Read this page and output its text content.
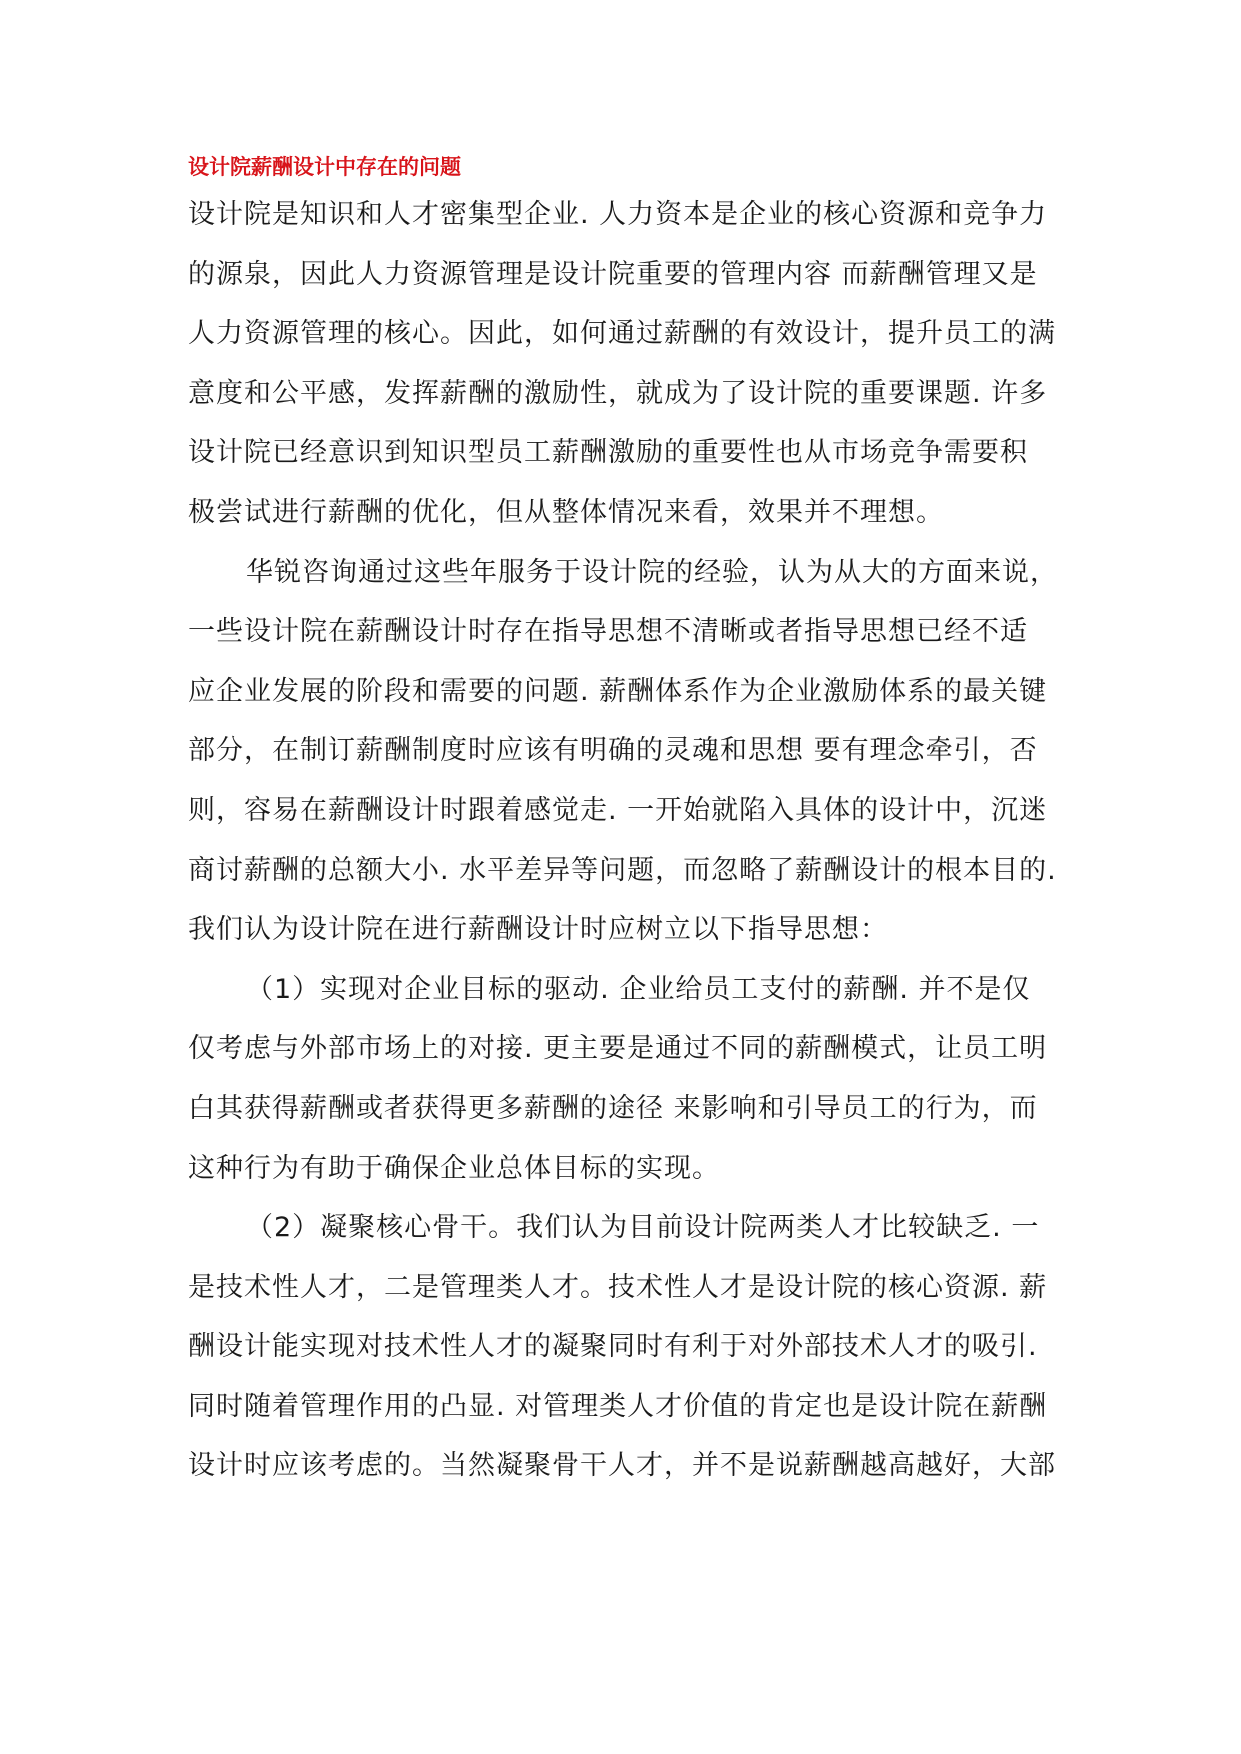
设计院薪酬设计中存在的问题
设计院是知识和人才密集型企业. 人力资本是企业的核心资源和竞争力
的源泉，因此人力资源管理是设计院重要的管理内容 而薪酬管理又是
人力资源管理的核心。因此，如何通过薪酬的有效设计，提升员工的满
意度和公平感，发挥薪酬的激励性，就成为了设计院的重要课题. 许多
设计院已经意识到知识型员工薪酬激励的重要性也从市场竞争需要积
极尝试进行薪酬的优化，但从整体情况来看，效果并不理想。
华锐咨询通过这些年服务于设计院的经验，认为从大的方面来说，
一些设计院在薪酬设计时存在指导思想不清晰或者指导思想已经不适
应企业发展的阶段和需要的问题. 薪酬体系作为企业激励体系的最关键
部分，在制订薪酬制度时应该有明确的灵魂和思想 要有理念牵引，否
则，容易在薪酬设计时跟着感觉走. 一开始就陷入具体的设计中，沉迷
商讨薪酬的总额大小. 水平差异等问题，而忽略了薪酬设计的根本目的.
我们认为设计院在进行薪酬设计时应树立以下指导思想：
（1）实现对企业目标的驱动. 企业给员工支付的薪酬. 并不是仅
仅考虑与外部市场上的对接. 更主要是通过不同的薪酬模式，让员工明
白其获得薪酬或者获得更多薪酬的途径 来影响和引导员工的行为，而
这种行为有助于确保企业总体目标的实现。
（2）凝聚核心骨干。我们认为目前设计院两类人才比较缺乏. 一
是技术性人才，二是管理类人才。技术性人才是设计院的核心资源. 薪
酬设计能实现对技术性人才的凝聚同时有利于对外部技术人才的吸引.
同时随着管理作用的凸显. 对管理类人才价值的肯定也是设计院在薪酬
设计时应该考虑的。当然凝聚骨干人才，并不是说薪酬越高越好，大部
